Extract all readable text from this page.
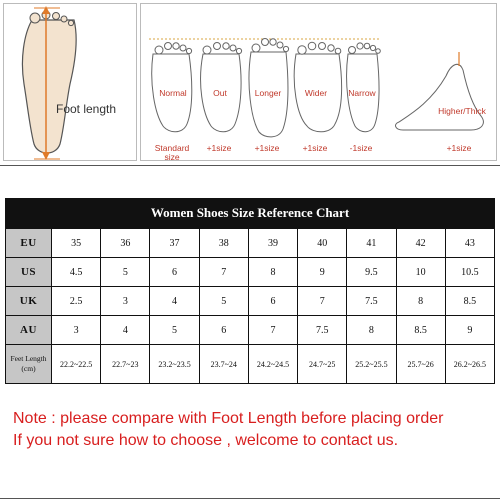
Foot length
Normal	Out	Longer	Wider	Narrow
Higher/Thick
Standard size
+1size	+1size	+1size	-1size	+1size
Women Shoes Size Reference Chart
EU	35	36	37	38	39	40	41	42	43
US	4.5	5	6	7	8	9	9.5	10	10.5
UK	2.5	3	4	5	6	7	7.5	8	8.5
AU	3	4	5	6	7	7.5	8	8.5	9
Feet Length (cm)	22.2~22.5	22.7~23	23.2~23.5	23.7~24	24.2~24.5	24.7~25	25.2~25.5	25.7~26	26.2~26.5
Note : please compare with Foot Length before placing order
If you not sure how to choose , welcome to contact us.
